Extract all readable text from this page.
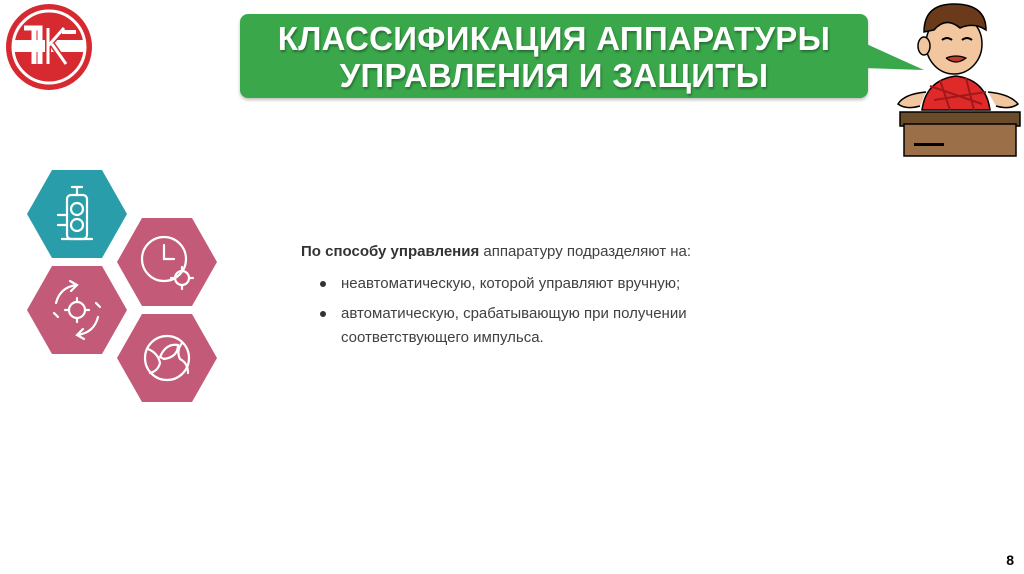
КЛАССИФИКАЦИЯ АППАРАТУРЫ
УПРАВЛЕНИЯ И ЗАЩИТЫ

По способу управления аппаратуру подразделяют на:

неавтоматическую, которой управляют вручную;
автоматическую, срабатывающую при получении соответствующего импульса.
8
